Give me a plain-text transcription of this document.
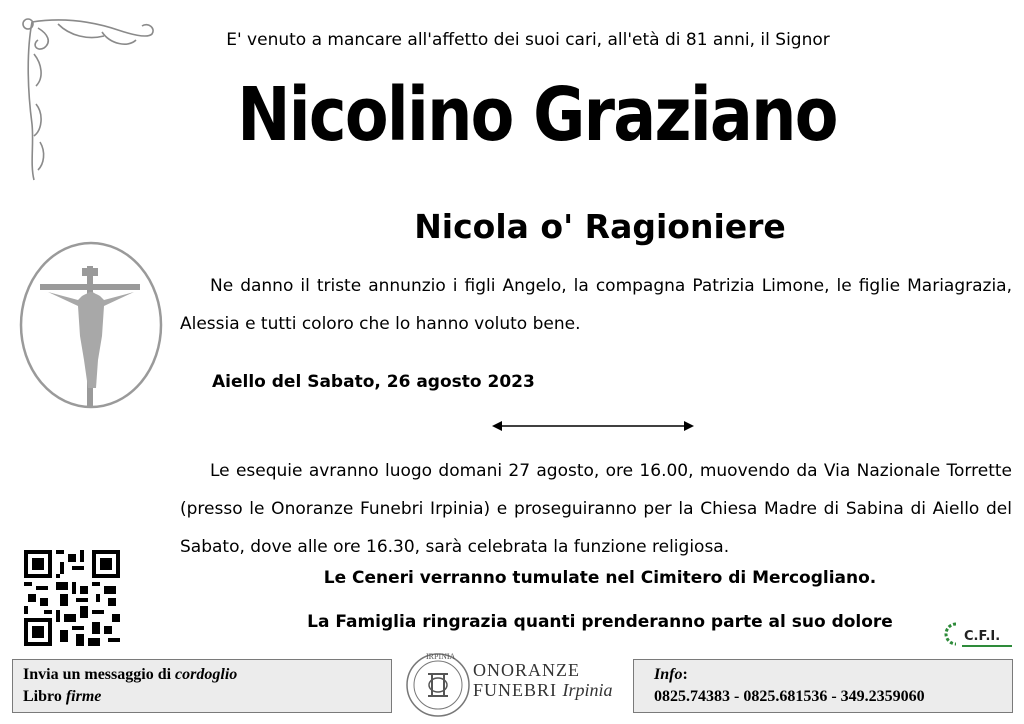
E' venuto a mancare all'affetto dei suoi cari, all'età di 81 anni, il Signor
Nicolino Graziano
Nicola o' Ragioniere
Ne danno il triste annunzio i figli Angelo, la compagna Patrizia Limone, le figlie Mariagrazia, Alessia e tutti coloro che lo hanno voluto bene.
Aiello del Sabato, 26 agosto 2023
Le esequie avranno luogo domani 27 agosto, ore 16.00, muovendo da Via Nazionale Torrette (presso le Onoranze Funebri Irpinia) e proseguiranno per la Chiesa Madre di Sabina di Aiello del Sabato, dove alle ore 16.30, sarà celebrata la funzione religiosa.
Le Ceneri verranno tumulate nel Cimitero di Mercogliano.
La Famiglia ringrazia quanti prenderanno parte al suo dolore
C.F.I.
Invia un messaggio di cordoglio
Libro firme
IRPINIA
ONORANZE
FUNEBRI Irpinia
Info:
0825.74383 - 0825.681536 - 349.2359060
